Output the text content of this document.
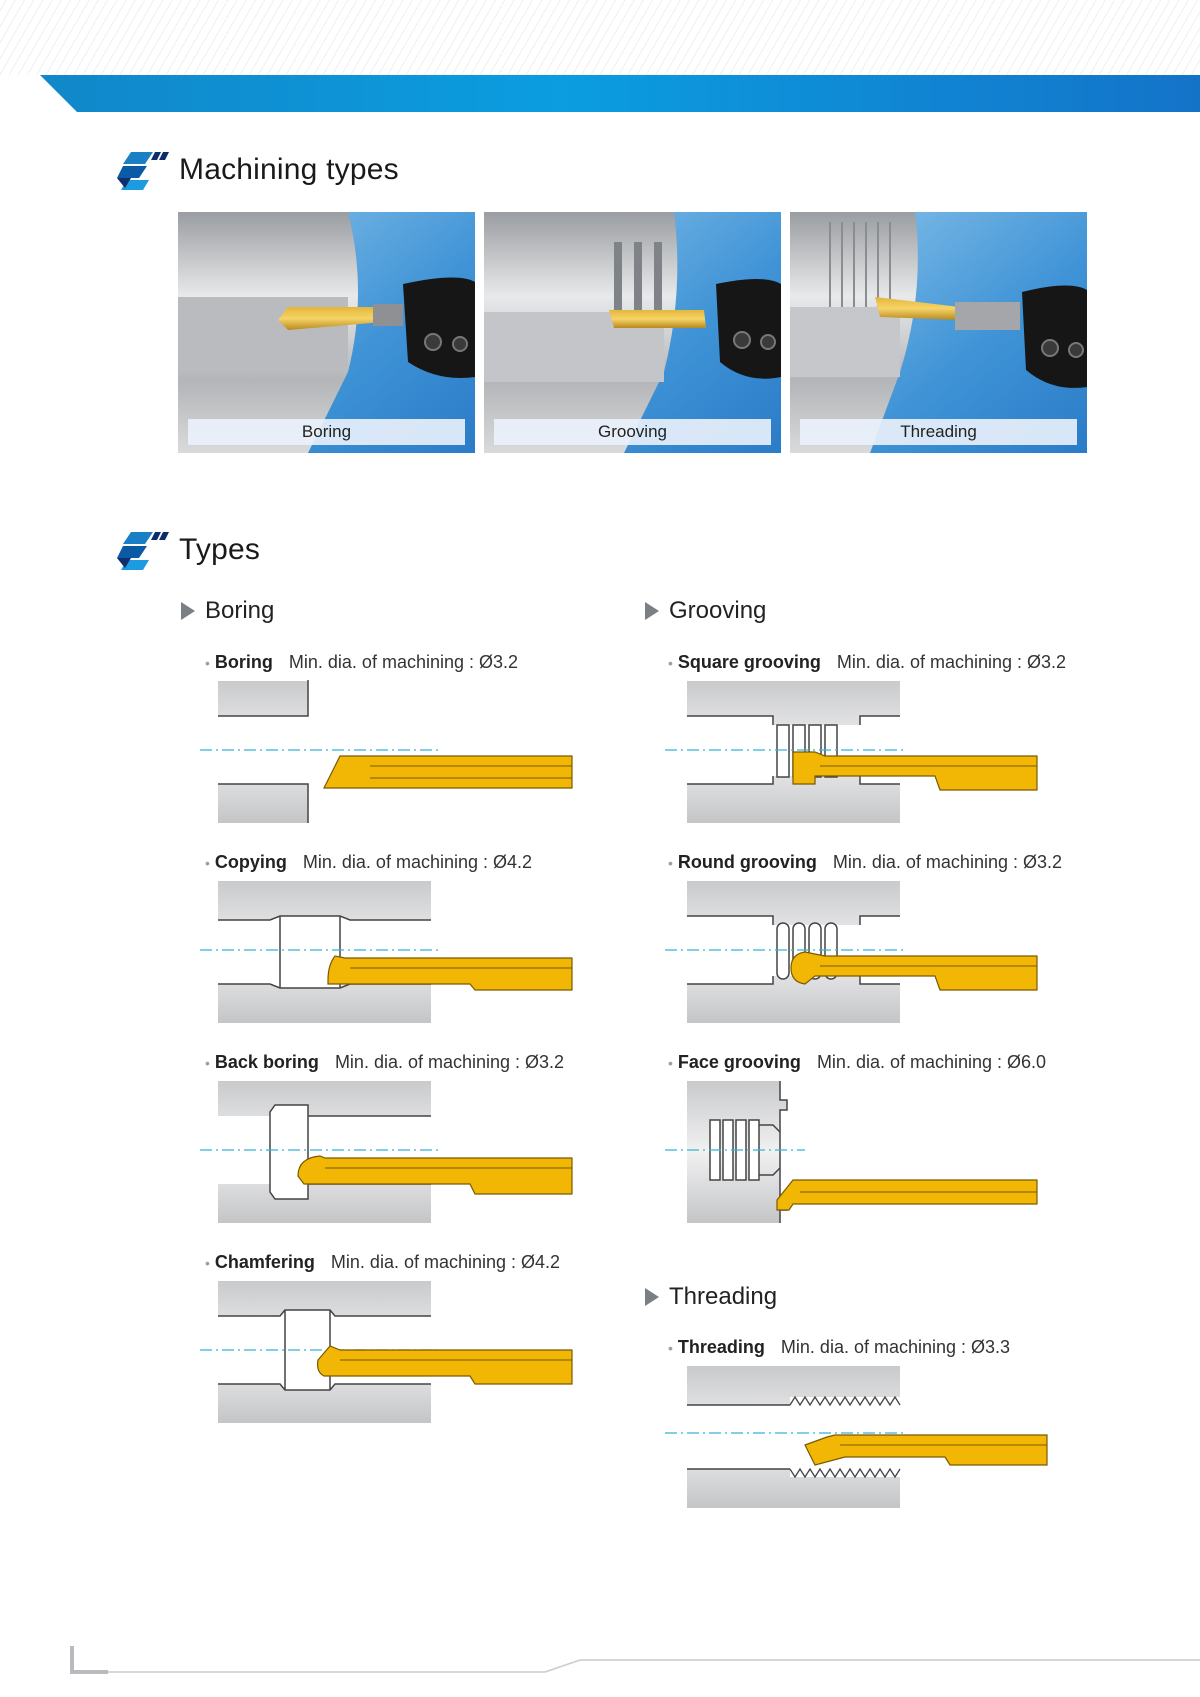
Machining types
Boring	Grooving	Threading
Types
Boring	Grooving
Threading
• Boring Min. dia. of machining : Ø3.2
• Copying Min. dia. of machining : Ø4.2
• Back boring Min. dia. of machining : Ø3.2
• Chamfering Min. dia. of machining : Ø4.2
• Square grooving Min. dia. of machining : Ø3.2
• Round grooving Min. dia. of machining : Ø3.2
• Face grooving Min. dia. of machining : Ø6.0
• Threading Min. dia. of machining : Ø3.3
